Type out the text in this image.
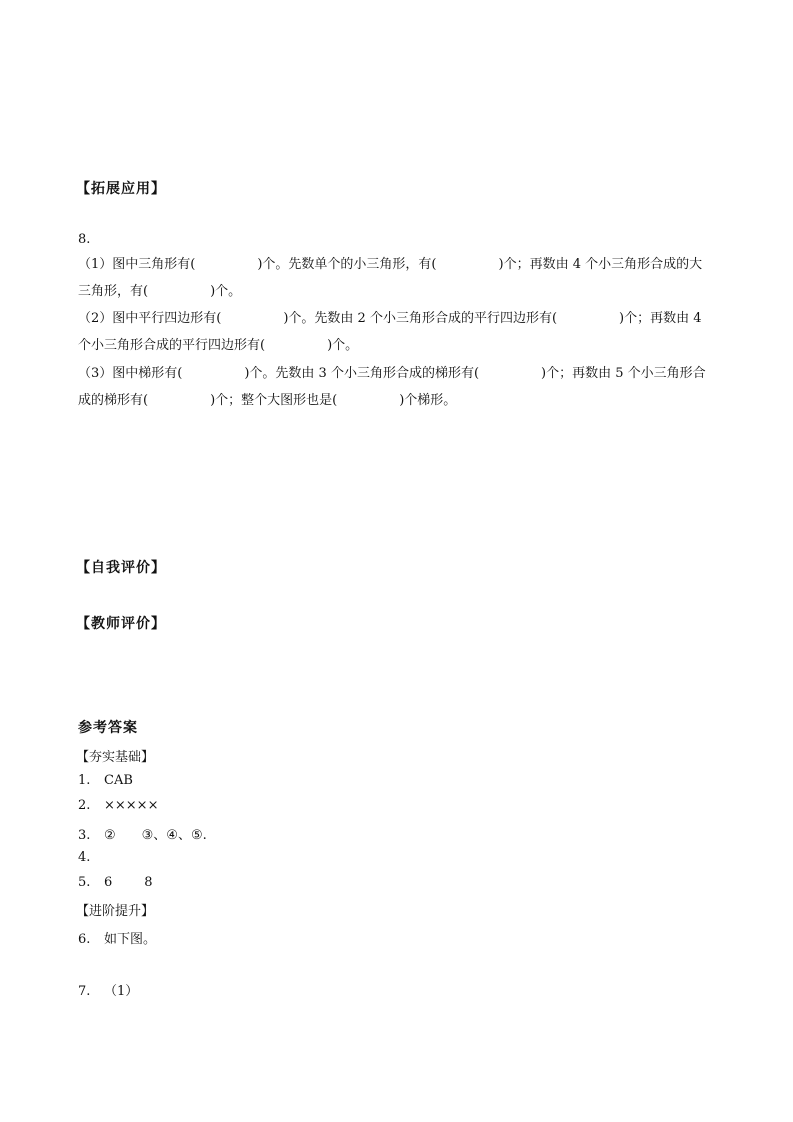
【拓展应用】
8.
（1）图中三角形有(	)个。先数单个的小三角形，有(	)个；再数由 4 个小三角形合成的大
三角形，有(	)个。
（2）图中平行四边形有(	)个。先数由 2 个小三角形合成的平行四边形有(	)个；再数由 4
个小三角形合成的平行四边形有(	)个。
（3）图中梯形有(	)个。先数由 3 个小三角形合成的梯形有(	)个；再数由 5 个小三角形合
成的梯形有(	)个；整个大图形也是(	)个梯形。
【自我评价】
【教师评价】
参考答案
【夯实基础】
1. CAB
2. ×××××
3. ② ③、④、⑤.
4.
5. 6 8
【进阶提升】
6. 如下图。
7. （1）
